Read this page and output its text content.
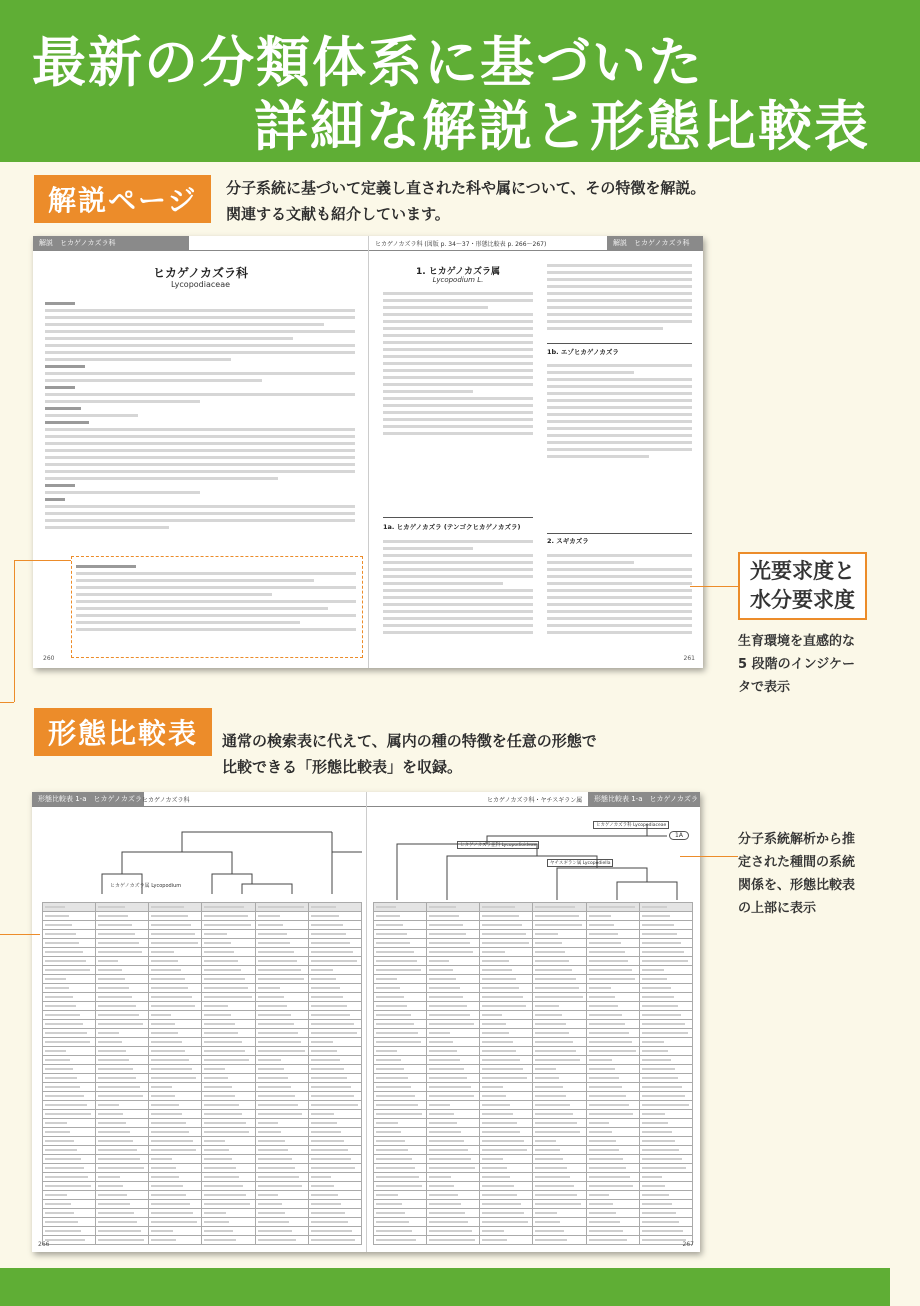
最新の分類体系に基づいた
詳細な解説と形態比較表
解説ページ	分子系統に基づいて定義し直された科や属について、その特徴を解説。
関連する文献も紹介しています。
解説　ヒカゲノカズラ科
ヒカゲノカズラ科
Lycopodiaceae
260
ヒカゲノカズラ科 (図版 p. 34〜37・形態比較表 p. 266〜267)	解説　ヒカゲノカズラ科
1. ヒカゲノカズラ属
Lycopodium L.
1a. ヒカゲノカズラ (テンゴクヒカゲノカズラ)
1b. エゾヒカゲノカズラ
2. スギカズラ
261
光要求度と
水分要求度
生育環境を直感的な
5 段階のインジケー
タで表示
形態比較表	通常の検索表に代えて、属内の種の特徴を任意の形態で
比較できる「形態比較表」を収録。
形態比較表 1-a　ヒカゲノカズラ科
ヒカゲノカズラ科
ヒカゲノカズラ属 Lycopodium

266
ヒカゲノカズラ科・ヤチスギラン属	形態比較表 1-a　ヒカゲノカズラ科
ヒカゲノカズラ科 Lycopodiaceae
ヒカゲノカズラ亜科 Lycopodioideae
ヤチスギラン属 Lycopodiella
1A

267
分子系統解析から推
定された種間の系統
関係を、形態比較表
の上部に表示
